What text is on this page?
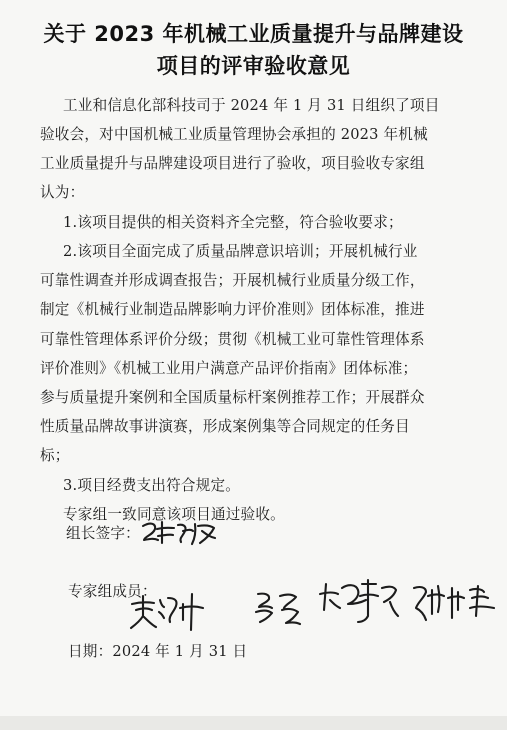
关于 2023 年机械工业质量提升与品牌建设
项目的评审验收意见
工业和信息化部科技司于 2024 年 1 月 31 日组织了项目
验收会，对中国机械工业质量管理协会承担的 2023 年机械
工业质量提升与品牌建设项目进行了验收，项目验收专家组
认为：
1.该项目提供的相关资料齐全完整，符合验收要求；
2.该项目全面完成了质量品牌意识培训；开展机械行业
可靠性调查并形成调查报告；开展机械行业质量分级工作，
制定《机械行业制造品牌影响力评价准则》团体标准，推进
可靠性管理体系评价分级；贯彻《机械工业可靠性管理体系
评价准则》《机械工业用户满意产品评价指南》团体标准；
参与质量提升案例和全国质量标杆案例推荐工作；开展群众
性质量品牌故事讲演赛，形成案例集等合同规定的任务目
标；
3.项目经费支出符合规定。
专家组一致同意该项目通过验收。
组长签字：
专家组成员：
日期：2024 年 1 月 31 日
